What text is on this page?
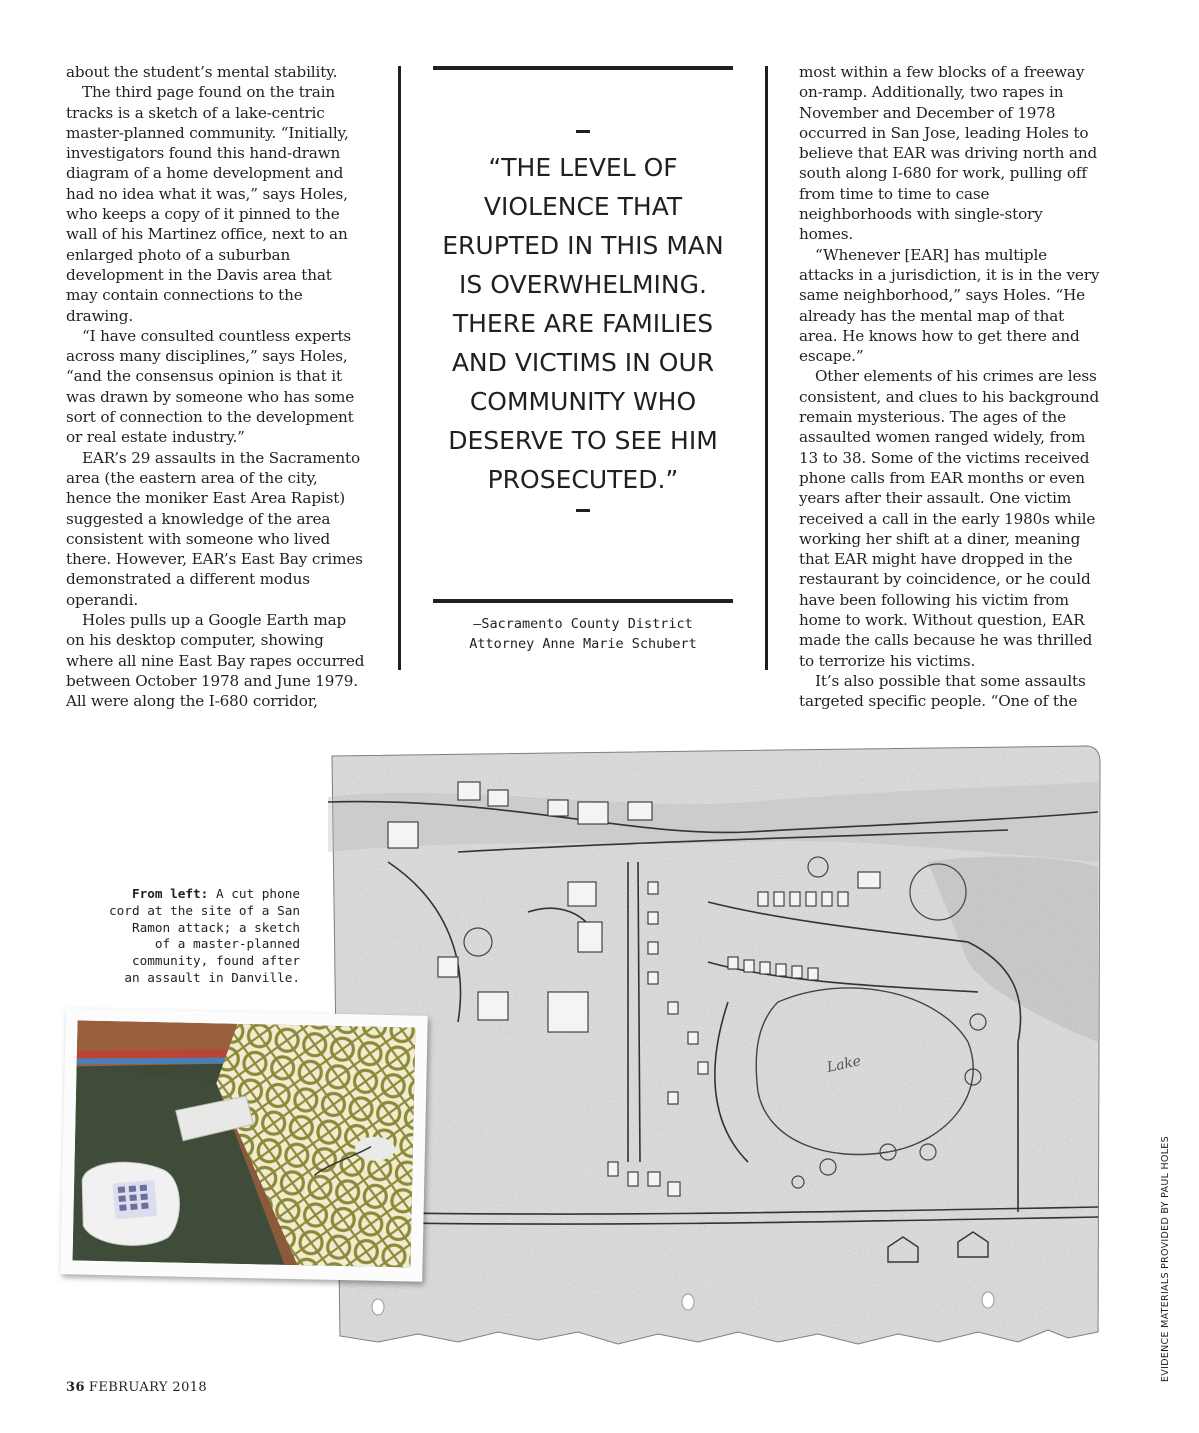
about the student’s mental stability.

The third page found on the train tracks is a sketch of a lake-centric master-planned community. “Initially, investigators found this hand-drawn diagram of a home development and had no idea what it was,” says Holes, who keeps a copy of it pinned to the wall of his Martinez office, next to an enlarged photo of a suburban development in the Davis area that may contain connections to the drawing.

“I have consulted countless experts across many disciplines,” says Holes, “and the consensus opinion is that it was drawn by someone who has some sort of connection to the development or real estate industry.”

EAR’s 29 assaults in the Sacramento area (the eastern area of the city, hence the moniker East Area Rapist) suggested a knowledge of the area consistent with someone who lived there. However, EAR’s East Bay crimes demonstrated a different modus operandi.

Holes pulls up a Google Earth map on his desktop computer, showing where all nine East Bay rapes occurred between October 1978 and June 1979. All were along the I-680 corridor,

“THE LEVEL OF
VIOLENCE THAT
ERUPTED IN THIS MAN
IS OVERWHELMING.
THERE ARE FAMILIES
AND VICTIMS IN OUR
COMMUNITY WHO
DESERVE TO SEE HIM
PROSECUTED.”
—Sacramento County District
Attorney Anne Marie Schubert

most within a few blocks of a freeway on-ramp. Additionally, two rapes in November and December of 1978 occurred in San Jose, leading Holes to believe that EAR was driving north and south along I-680 for work, pulling off from time to time to case neighborhoods with single-story homes.

“Whenever [EAR] has multiple attacks in a jurisdiction, it is in the very same neighborhood,” says Holes. “He already has the mental map of that area. He knows how to get there and escape.”

Other elements of his crimes are less consistent, and clues to his background remain mysterious. The ages of the assaulted women ranged widely, from 13 to 38. Some of the victims received phone calls from EAR months or even years after their assault. One victim received a call in the early 1980s while working her shift at a diner, meaning that EAR might have dropped in the restaurant by coincidence, or he could have been following his victim from home to work. Without question, EAR made the calls because he was thrilled to terrorize his victims.

It’s also possible that some assaults targeted specific people. “One of the

Lake
From left: A cut phone
cord at the site of a San
Ramon attack; a sketch
of a master-planned
community, found after
an assault in Danville.
EVIDENCE MATERIALS PROVIDED BY PAUL HOLES
36 FEBRUARY 2018
